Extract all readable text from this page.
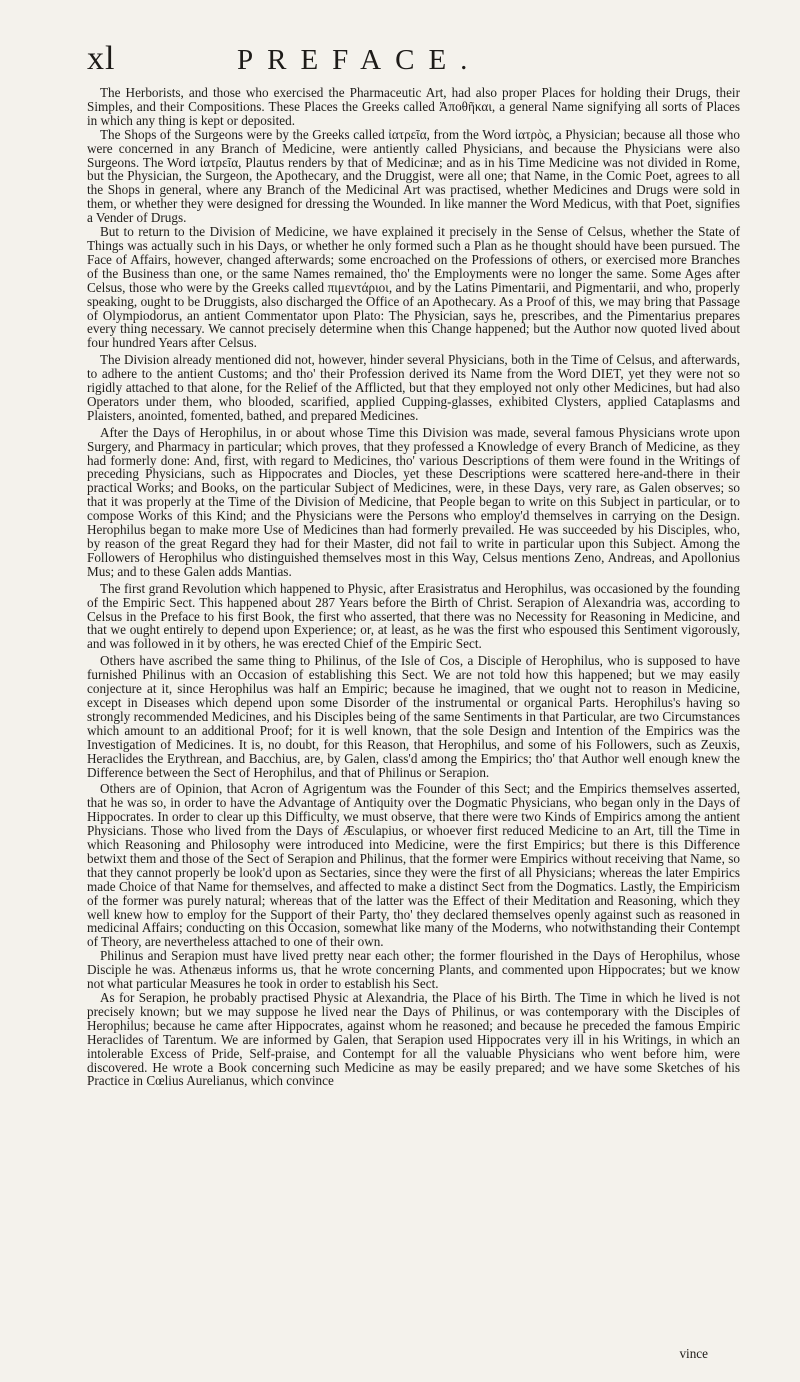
xl	PREFACE.

The Herborists, and those who exercised the Pharmaceutic Art, had also proper Places for holding their Drugs, their Simples, and their Compositions. These Places the Greeks called Ἀποθῆκαι, a general Name signifying all sorts of Places in which any thing is kept or deposited.

The Shops of the Surgeons were by the Greeks called ἰατρεῖα, from the Word ἰατρὸς, a Physician; because all those who were concerned in any Branch of Medicine, were antiently called Physicians, and because the Physicians were also Surgeons. The Word ἰατρεῖα, Plautus renders by that of Medicinæ; and as in his Time Medicine was not divided in Rome, but the Physician, the Surgeon, the Apothecary, and the Druggist, were all one; that Name, in the Comic Poet, agrees to all the Shops in general, where any Branch of the Medicinal Art was practised, whether Medicines and Drugs were sold in them, or whether they were designed for dressing the Wounded. In like manner the Word Medicus, with that Poet, signifies a Vender of Drugs.

But to return to the Division of Medicine, we have explained it precisely in the Sense of Celsus, whether the State of Things was actually such in his Days, or whether he only formed such a Plan as he thought should have been pursued. The Face of Affairs, however, changed afterwards; some encroached on the Professions of others, or exercised more Branches of the Business than one, or the same Names remained, tho' the Employments were no longer the same. Some Ages after Celsus, those who were by the Greeks called πιμεντάριοι, and by the Latins Pimentarii, and Pigmentarii, and who, properly speaking, ought to be Druggists, also discharged the Office of an Apothecary. As a Proof of this, we may bring that Passage of Olympiodorus, an antient Commentator upon Plato: The Physician, says he, prescribes, and the Pimentarius prepares every thing necessary. We cannot precisely determine when this Change happened; but the Author now quoted lived about four hundred Years after Celsus.

The Division already mentioned did not, however, hinder several Physicians, both in the Time of Celsus, and afterwards, to adhere to the antient Customs; and tho' their Profession derived its Name from the Word DIET, yet they were not so rigidly attached to that alone, for the Relief of the Afflicted, but that they employed not only other Medicines, but had also Operators under them, who blooded, scarified, applied Cupping-glasses, exhibited Clysters, applied Cataplasms and Plaisters, anointed, fomented, bathed, and prepared Medicines.

After the Days of Herophilus, in or about whose Time this Division was made, several famous Physicians wrote upon Surgery, and Pharmacy in particular; which proves, that they professed a Knowledge of every Branch of Medicine, as they had formerly done: And, first, with regard to Medicines, tho' various Descriptions of them were found in the Writings of preceding Physicians, such as Hippocrates and Diocles, yet these Descriptions were scattered here-and-there in their practical Works; and Books, on the particular Subject of Medicines, were, in these Days, very rare, as Galen observes; so that it was properly at the Time of the Division of Medicine, that People began to write on this Subject in particular, or to compose Works of this Kind; and the Physicians were the Persons who employ'd themselves in carrying on the Design. Herophilus began to make more Use of Medicines than had formerly prevailed. He was succeeded by his Disciples, who, by reason of the great Regard they had for their Master, did not fail to write in particular upon this Subject. Among the Followers of Herophilus who distinguished themselves most in this Way, Celsus mentions Zeno, Andreas, and Apollonius Mus; and to these Galen adds Mantias.

The first grand Revolution which happened to Physic, after Erasistratus and Herophilus, was occasioned by the founding of the Empiric Sect. This happened about 287 Years before the Birth of Christ. Serapion of Alexandria was, according to Celsus in the Preface to his first Book, the first who asserted, that there was no Necessity for Reasoning in Medicine, and that we ought entirely to depend upon Experience; or, at least, as he was the first who espoused this Sentiment vigorously, and was followed in it by others, he was erected Chief of the Empiric Sect.

Others have ascribed the same thing to Philinus, of the Isle of Cos, a Disciple of Herophilus, who is supposed to have furnished Philinus with an Occasion of establishing this Sect. We are not told how this happened; but we may easily conjecture at it, since Herophilus was half an Empiric; because he imagined, that we ought not to reason in Medicine, except in Diseases which depend upon some Disorder of the instrumental or organical Parts. Herophilus's having so strongly recommended Medicines, and his Disciples being of the same Sentiments in that Particular, are two Circumstances which amount to an additional Proof; for it is well known, that the sole Design and Intention of the Empirics was the Investigation of Medicines. It is, no doubt, for this Reason, that Herophilus, and some of his Followers, such as Zeuxis, Heraclides the Erythrean, and Bacchius, are, by Galen, class'd among the Empirics; tho' that Author well enough knew the Difference between the Sect of Herophilus, and that of Philinus or Serapion.

Others are of Opinion, that Acron of Agrigentum was the Founder of this Sect; and the Empirics themselves asserted, that he was so, in order to have the Advantage of Antiquity over the Dogmatic Physicians, who began only in the Days of Hippocrates. In order to clear up this Difficulty, we must observe, that there were two Kinds of Empirics among the antient Physicians. Those who lived from the Days of Æsculapius, or whoever first reduced Medicine to an Art, till the Time in which Reasoning and Philosophy were introduced into Medicine, were the first Empirics; but there is this Difference betwixt them and those of the Sect of Serapion and Philinus, that the former were Empirics without receiving that Name, so that they cannot properly be look'd upon as Sectaries, since they were the first of all Physicians; whereas the later Empirics made Choice of that Name for themselves, and affected to make a distinct Sect from the Dogmatics. Lastly, the Empiricism of the former was purely natural; whereas that of the latter was the Effect of their Meditation and Reasoning, which they well knew how to employ for the Support of their Party, tho' they declared themselves openly against such as reasoned in medicinal Affairs; conducting on this Occasion, somewhat like many of the Moderns, who notwithstanding their Contempt of Theory, are nevertheless attached to one of their own.

Philinus and Serapion must have lived pretty near each other; the former flourished in the Days of Herophilus, whose Disciple he was. Athenæus informs us, that he wrote concerning Plants, and commented upon Hippocrates; but we know not what particular Measures he took in order to establish his Sect.

As for Serapion, he probably practised Physic at Alexandria, the Place of his Birth. The Time in which he lived is not precisely known; but we may suppose he lived near the Days of Philinus, or was contemporary with the Disciples of Herophilus; because he came after Hippocrates, against whom he reasoned; and because he preceded the famous Empiric Heraclides of Tarentum. We are informed by Galen, that Serapion used Hippocrates very ill in his Writings, in which an intolerable Excess of Pride, Self-praise, and Contempt for all the valuable Physicians who went before him, were discovered. He wrote a Book concerning such Medicine as may be easily prepared; and we have some Sketches of his Practice in Cœlius Aurelianus, which convince

vince
